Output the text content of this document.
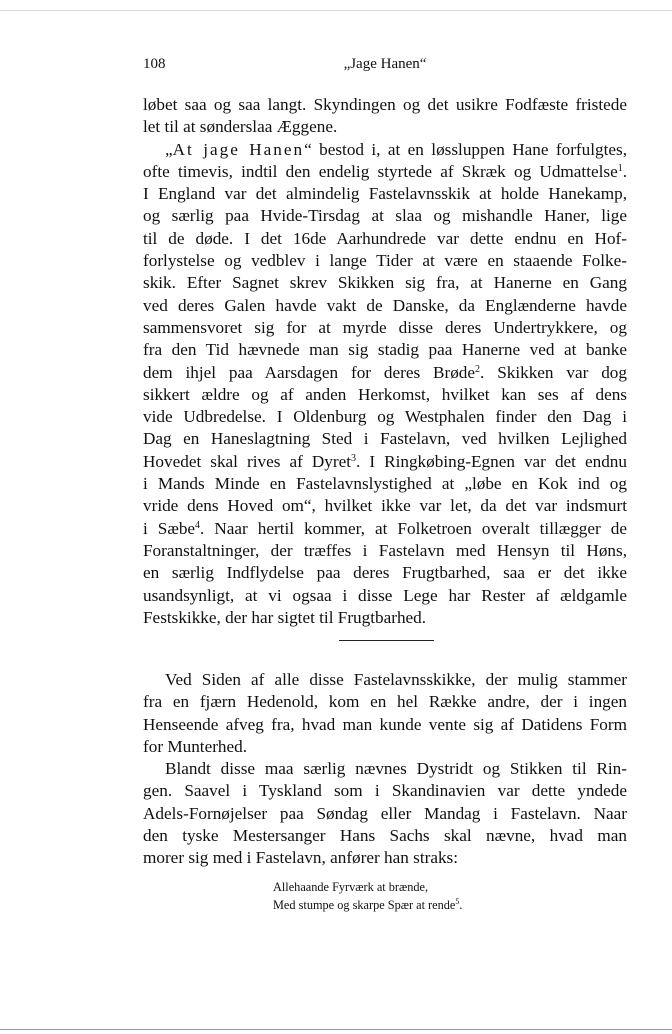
108	„Jage Hanen“

løbet saa og saa langt. Skyndingen og det usikre Fodfæste fristede

let til at sønderslaa Æggene.

„At jage Hanen“ bestod i, at en løssluppen Hane forfulgtes,

ofte timevis, indtil den endelig styrtede af Skræk og Udmattelse$^1$.

I England var det almindelig Fastelavnsskik at holde Hanekamp,

og særlig paa Hvide-Tirsdag at slaa og mishandle Haner, lige

til de døde. I det 16de Aarhundrede var dette endnu en Hof-

forlystelse og vedblev i lange Tider at være en staaende Folke-

skik. Efter Sagnet skrev Skikken sig fra, at Hanerne en Gang

ved deres Galen havde vakt de Danske, da Englænderne havde

sammensvoret sig for at myrde disse deres Undertrykkere, og

fra den Tid hævnede man sig stadig paa Hanerne ved at banke

dem ihjel paa Aarsdagen for deres Brøde$^2$. Skikken var dog

sikkert ældre og af anden Herkomst, hvilket kan ses af dens

vide Udbredelse. I Oldenburg og Westphalen finder den Dag i

Dag en Haneslagtning Sted i Fastelavn, ved hvilken Lejlighed

Hovedet skal rives af Dyret$^3$. I Ringkøbing-Egnen var det endnu

i Mands Minde en Fastelavnslystighed at „løbe en Kok ind og

vride dens Hoved om“, hvilket ikke var let, da det var indsmurt

i Sæbe$^4$. Naar hertil kommer, at Folketroen overalt tillægger de

Foranstaltninger, der træffes i Fastelavn med Hensyn til Høns,

en særlig Indflydelse paa deres Frugtbarhed, saa er det ikke

usandsynligt, at vi ogsaa i disse Lege har Rester af ældgamle

Festskikke, der har sigtet til Frugtbarhed.

Ved Siden af alle disse Fastelavnsskikke, der mulig stammer

fra en fjærn Hedenold, kom en hel Række andre, der i ingen

Henseende afveg fra, hvad man kunde vente sig af Datidens Form

for Munterhed.

Blandt disse maa særlig nævnes Dystridt og Stikken til Rin-

gen. Saavel i Tyskland som i Skandinavien var dette yndede

Adels-Fornøjelser paa Søndag eller Mandag i Fastelavn. Naar

den tyske Mestersanger Hans Sachs skal nævne, hvad man

morer sig med i Fastelavn, anfører han straks:

Allehaande Fyrværk at brænde,
Med stumpe og skarpe Spær at rende$^5$.
